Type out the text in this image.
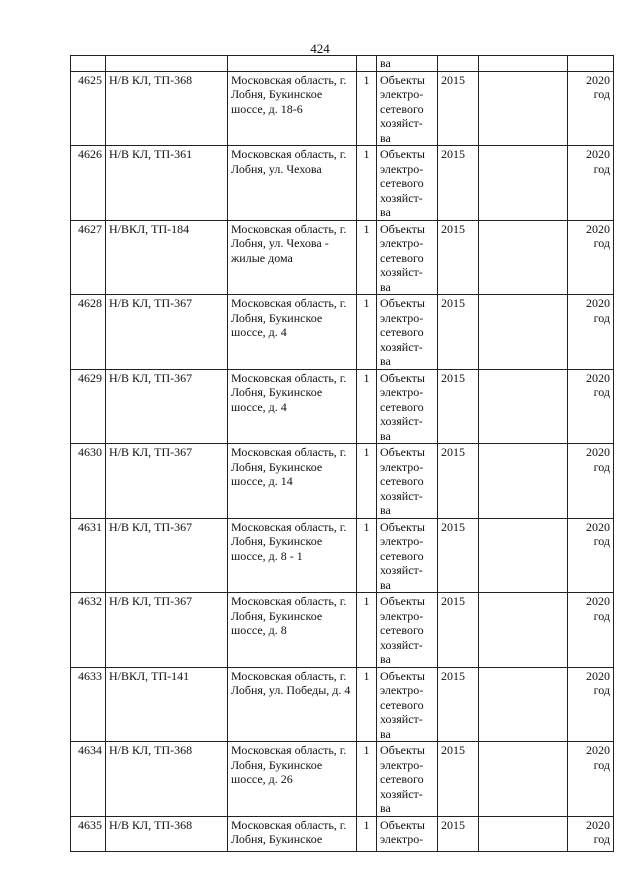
424
				ва			
4625	Н/В КЛ, ТП-368	Московская область, г. Лобня, Букинское шоссе, д. 18-6	1	Объекты
электро-
сетевого
хозяйст-
ва	2015		2020
год

4626	Н/В КЛ, ТП-361	Московская область, г. Лобня, ул. Чехова	1	Объекты
электро-
сетевого
хозяйст-
ва	2015		2020
год

4627	Н/ВКЛ, ТП-184	Московская область, г. Лобня, ул. Чехова - жилые дома	1	Объекты
электро-
сетевого
хозяйст-
ва	2015		2020
год

4628	Н/В КЛ, ТП-367	Московская область, г. Лобня, Букинское шоссе, д. 4	1	Объекты
электро-
сетевого
хозяйст-
ва	2015		2020
год

4629	Н/В КЛ, ТП-367	Московская область, г. Лобня, Букинское шоссе, д. 4	1	Объекты
электро-
сетевого
хозяйст-
ва	2015		2020
год

4630	Н/В КЛ, ТП-367	Московская область, г. Лобня, Букинское шоссе, д. 14	1	Объекты
электро-
сетевого
хозяйст-
ва	2015		2020
год

4631	Н/В КЛ, ТП-367	Московская область, г. Лобня, Букинское шоссе, д. 8 - 1	1	Объекты
электро-
сетевого
хозяйст-
ва	2015		2020
год

4632	Н/В КЛ, ТП-367	Московская область, г. Лобня, Букинское шоссе, д. 8	1	Объекты
электро-
сетевого
хозяйст-
ва	2015		2020
год

4633	Н/ВКЛ, ТП-141	Московская область, г. Лобня, ул. Победы, д. 4	1	Объекты
электро-
сетевого
хозяйст-
ва	2015		2020
год

4634	Н/В КЛ, ТП-368	Московская область, г. Лобня, Букинское шоссе, д. 26	1	Объекты
электро-
сетевого
хозяйст-
ва	2015		2020
год

4635	Н/В КЛ, ТП-368	Московская область, г. Лобня, Букинское	1	Объекты электро-	2015		2020
год
